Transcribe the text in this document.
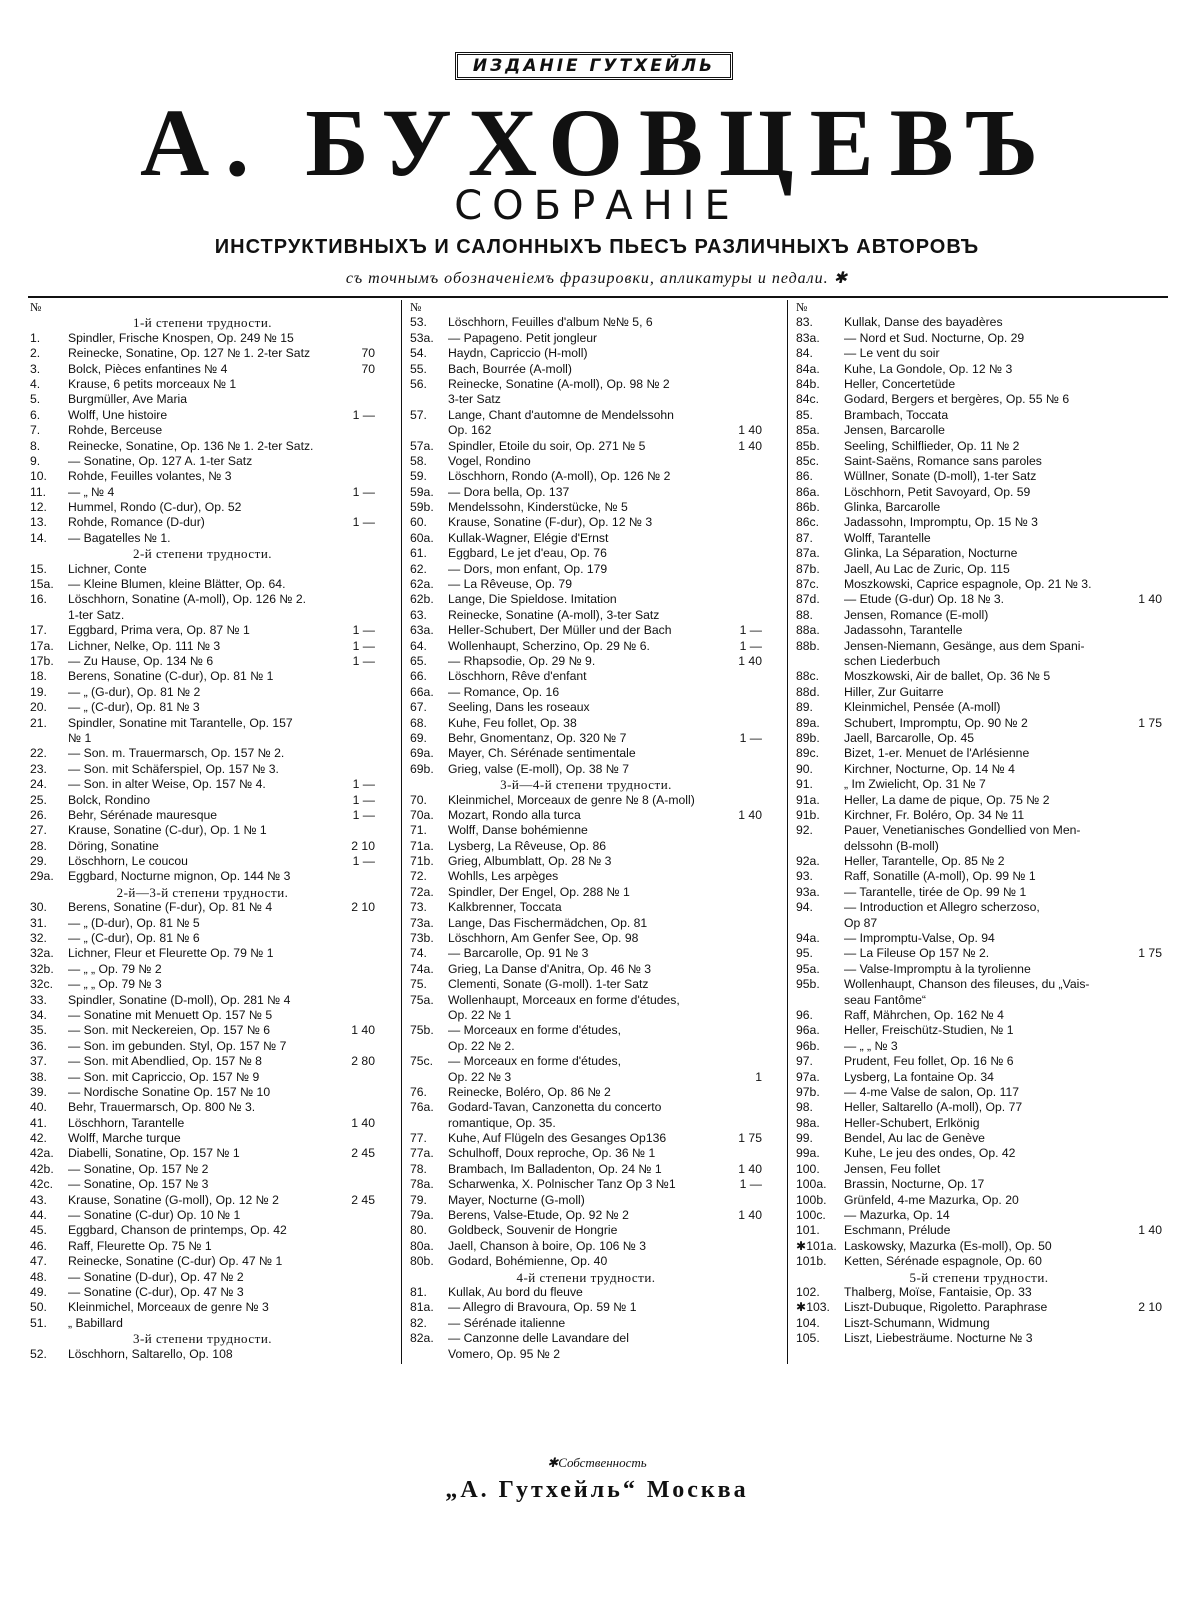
ИЗДАНІЕ ГУТХЕЙЛЬ
А. БУХОВЦЕВЪ
СОБРАНІЕ
ИНСТРУКТИВНЫХЪ И САЛОННЫХЪ ПЬЕСЪ РАЗЛИЧНЫХЪ АВТОРОВЪ
съ точнымъ обозначенiемъ фразировки, апликатуры и педали. ✱
№
1-й степени трудности.
1. Spindler, Frische Knospen, Op. 249 № 15
2. Reinecke, Sonatine, Op. 127 № 1. 2-ter Satz	70
3. Bolck, Pièces enfantines № 4	70
4. Krause, 6 petits morceaux № 1
5. Burgmüller, Ave Maria
6. Wolff, Une histoire	1 —
7. Rohde, Berceuse
8. Reinecke, Sonatine, Op. 136 № 1. 2-ter Satz.
9. — Sonatine, Op. 127 A. 1-ter Satz
10. Rohde, Feuilles volantes, № 3
11. — „ № 4	1 —
12. Hummel, Rondo (C-dur), Op. 52
13. Rohde, Romance (D-dur)	1 —
14. — Bagatelles № 1.
2-й степени трудности.
15. Lichner, Conte
15a. — Kleine Blumen, kleine Blätter, Op. 64.
16. Löschhorn, Sonatine (A-moll), Op. 126 № 2.
1-ter Satz.
17. Eggbard, Prima vera, Op. 87 № 1	1 —
17a. Lichner, Nelke, Op. 111 № 3	1 —
17b. — Zu Hause, Op. 134 № 6	1 —
18. Berens, Sonatine (C-dur), Op. 81 № 1
19. — „ (G-dur), Op. 81 № 2
20. — „ (C-dur), Op. 81 № 3
21. Spindler, Sonatine mit Tarantelle, Op. 157
№ 1
22. — Son. m. Trauermarsch, Op. 157 № 2.
23. — Son. mit Schäferspiel, Op. 157 № 3.
24. — Son. in alter Weise, Op. 157 № 4.	1 —
25. Bolck, Rondino	1 —
26. Behr, Sérénade mauresque	1 —
27. Krause, Sonatine (C-dur), Op. 1 № 1
28. Döring, Sonatine	2 10
29. Löschhorn, Le coucou	1 —
29a. Eggbard, Nocturne mignon, Op. 144 № 3
2-й—3-й степени трудности.
30. Berens, Sonatine (F-dur), Op. 81 № 4	2 10
31. — „ (D-dur), Op. 81 № 5
32. — „ (C-dur), Op. 81 № 6
32a. Lichner, Fleur et Fleurette Op. 79 № 1
32b. — „ „ Op. 79 № 2
32c. — „ „ Op. 79 № 3
33. Spindler, Sonatine (D-moll), Op. 281 № 4
34. — Sonatine mit Menuett Op. 157 № 5
35. — Son. mit Neckereien, Op. 157 № 6	1 40
36. — Son. im gebunden. Styl, Op. 157 № 7
37. — Son. mit Abendlied, Op. 157 № 8	2 80
38. — Son. mit Capriccio, Op. 157 № 9
39. — Nordische Sonatine Op. 157 № 10
40. Behr, Trauermarsch, Op. 800 № 3.
41. Löschhorn, Tarantelle	1 40
42. Wolff, Marche turque
42a. Diabelli, Sonatine, Op. 157 № 1	2 45
42b. — Sonatine, Op. 157 № 2
42c. — Sonatine, Op. 157 № 3
43. Krause, Sonatine (G-moll), Op. 12 № 2	2 45
44. — Sonatine (C-dur) Op. 10 № 1
45. Eggbard, Chanson de printemps, Op. 42
46. Raff, Fleurette Op. 75 № 1
47. Reinecke, Sonatine (C-dur) Op. 47 № 1
48. — Sonatine (D-dur), Op. 47 № 2
49. — Sonatine (C-dur), Op. 47 № 3
50. Kleinmichel, Morceaux de genre № 3
51. „ Babillard
3-й степени трудности.
52. Löschhorn, Saltarello, Op. 108
№
53. Löschhorn, Feuilles d'album №№ 5, 6
53a. — Papageno. Petit jongleur
54. Haydn, Capriccio (H-moll)
55. Bach, Bourrée (A-moll)
56. Reinecke, Sonatine (A-moll), Op. 98 № 2
3-ter Satz
57. Lange, Chant d'automne de Mendelssohn
Op. 162	1 40
57a. Spindler, Etoile du soir, Op. 271 № 5	1 40
58. Vogel, Rondino
59. Löschhorn, Rondo (A-moll), Op. 126 № 2
59a. — Dora bella, Op. 137
59b. Mendelssohn, Kinderstücke, № 5
60. Krause, Sonatine (F-dur), Op. 12 № 3
60a. Kullak-Wagner, Elégie d'Ernst
61. Eggbard, Le jet d'eau, Op. 76
62. — Dors, mon enfant, Op. 179
62a. — La Rêveuse, Op. 79
62b. Lange, Die Spieldose. Imitation
63. Reinecke, Sonatine (A-moll), 3-ter Satz
63a. Heller-Schubert, Der Müller und der Bach	1 —
64. Wollenhaupt, Scherzino, Op. 29 № 6.	1 —
65. — Rhapsodie, Op. 29 № 9.	1 40
66. Löschhorn, Rêve d'enfant
66a. — Romance, Op. 16
67. Seeling, Dans les roseaux
68. Kuhe, Feu follet, Op. 38
69. Behr, Gnomentanz, Op. 320 № 7	1 —
69a. Mayer, Ch. Sérénade sentimentale
69b. Grieg, valse (E-moll), Op. 38 № 7
3-й—4-й степени трудности.
70. Kleinmichel, Morceaux de genre № 8 (A-moll)
70a. Mozart, Rondo alla turca	1 40
71. Wolff, Danse bohémienne
71a. Lysberg, La Rêveuse, Op. 86
71b. Grieg, Albumblatt, Op. 28 № 3
72. Wohlls, Les arpèges
72a. Spindler, Der Engel, Op. 288 № 1
73. Kalkbrenner, Toccata
73a. Lange, Das Fischermädchen, Op. 81
73b. Löschhorn, Am Genfer See, Op. 98
74. — Barcarolle, Op. 91 № 3
74a. Grieg, La Danse d'Anitra, Op. 46 № 3
75. Clementi, Sonate (G-moll). 1-ter Satz
75a. Wollenhaupt, Morceaux en forme d'études,
Op. 22 № 1
75b. — Morceaux en forme d'études,
Op. 22 № 2.
75c. — Morceaux en forme d'études,
Op. 22 № 3	1
76. Reinecke, Boléro, Op. 86 № 2
76a. Godard-Tavan, Canzonetta du concerto
romantique, Op. 35.
77. Kuhe, Auf Flügeln des Gesanges Op136	1 75
77a. Schulhoff, Doux reproche, Op. 36 № 1
78. Brambach, Im Balladenton, Op. 24 № 1	1 40
78a. Scharwenka, X. Polnischer Tanz Op 3 №1	1 —
79. Mayer, Nocturne (G-moll)
79a. Berens, Valse-Etude, Op. 92 № 2	1 40
80. Goldbeck, Souvenir de Hongrie
80a. Jaell, Chanson à boire, Op. 106 № 3
80b. Godard, Bohémienne, Op. 40
4-й степени трудности.
81. Kullak, Au bord du fleuve
81a. — Allegro di Bravoura, Op. 59 № 1
82. — Sérénade italienne
82a. — Canzonne delle Lavandare del
Vomero, Op. 95 № 2
№
83.	Kullak, Danse des bayadères
83a. — Nord et Sud. Nocturne, Op. 29
84.	— Le vent du soir
84a. Kuhe, La Gondole, Op. 12 № 3
84b. Heller, Concertetüde
84c. Godard, Bergers et bergères, Op. 55 № 6
85.	Brambach, Toccata
85a. Jensen, Barcarolle
85b. Seeling, Schilflieder, Op. 11 № 2
85c. Saint-Saëns, Romance sans paroles
86.	Wüllner, Sonate (D-moll), 1-ter Satz
86a. Löschhorn, Petit Savoyard, Op. 59
86b. Glinka, Barcarolle
86c. Jadassohn, Impromptu, Op. 15 № 3
87.	Wolff, Tarantelle
87a. Glinka, La Séparation, Nocturne
87b. Jaell, Au Lac de Zuric, Op. 115
87c. Moszkowski, Caprice espagnole, Op. 21 № 3.
87d. — Etude (G-dur) Op. 18 № 3.	1 40
88.	Jensen, Romance (E-moll)
88a. Jadassohn, Tarantelle
88b. Jensen-Niemann, Gesänge, aus dem Spani-
schen Liederbuch
88c. Moszkowski, Air de ballet, Op. 36 № 5
88d. Hiller, Zur Guitarre
89.	Kleinmichel, Pensée (A-moll)
89a. Schubert, Impromptu, Op. 90 № 2	1 75
89b. Jaell, Barcarolle, Op. 45
89c. Bizet, 1-er. Menuet de l'Arlésienne
90.	Kirchner, Nocturne, Op. 14 № 4
91.	„ Im Zwielicht, Op. 31 № 7
91a. Heller, La dame de pique, Op. 75 № 2
91b. Kirchner, Fr. Boléro, Op. 34 № 11
92.	Pauer, Venetianisches Gondellied von Men-
delssohn (B-moll)
92a. Heller, Tarantelle, Op. 85 № 2
93.	Raff, Sonatille (A-moll), Op. 99 № 1
93a. — Tarantelle, tirée de Op. 99 № 1
94.	— Introduction et Allegro scherzoso,
Op 87
94a. — Impromptu-Valse, Op. 94
95.	— La Fileuse Op 157 № 2.	1 75
95a. — Valse-Impromptu à la tyrolienne
95b. Wollenhaupt, Chanson des fileuses, du „Vais-
seau Fantôme“
96.	Raff, Mährchen, Op. 162 № 4
96a. Heller, Freischütz-Studien, № 1
96b. — „ „ № 3
97.	Prudent, Feu follet, Op. 16 № 6
97a. Lysberg, La fontaine Op. 34
97b. — 4-me Valse de salon, Op. 117
98.	Heller, Saltarello (A-moll), Op. 77
98a. Heller-Schubert, Erlkönig
99.	Bendel, Au lac de Genève
99a. Kuhe, Le jeu des ondes, Op. 42
100. Jensen, Feu follet
100a. Brassin, Nocturne, Op. 17
100b. Grünfeld, 4-me Mazurka, Op. 20
100c. — Mazurka, Op. 14
101. Eschmann, Prélude	1 40
✱101a. Laskowsky, Mazurka (Es-moll), Op. 50
101b. Ketten, Sérénade espagnole, Op. 60
5-й степени трудности.
102. Thalberg, Moïse, Fantaisie, Op. 33
✱103. Liszt-Dubuque, Rigoletto. Paraphrase	2 10
104. Liszt-Schumann, Widmung
105. Liszt, Liebesträume. Nocturne № 3
✱Собственность
„А. Гутхейль“ Москва
